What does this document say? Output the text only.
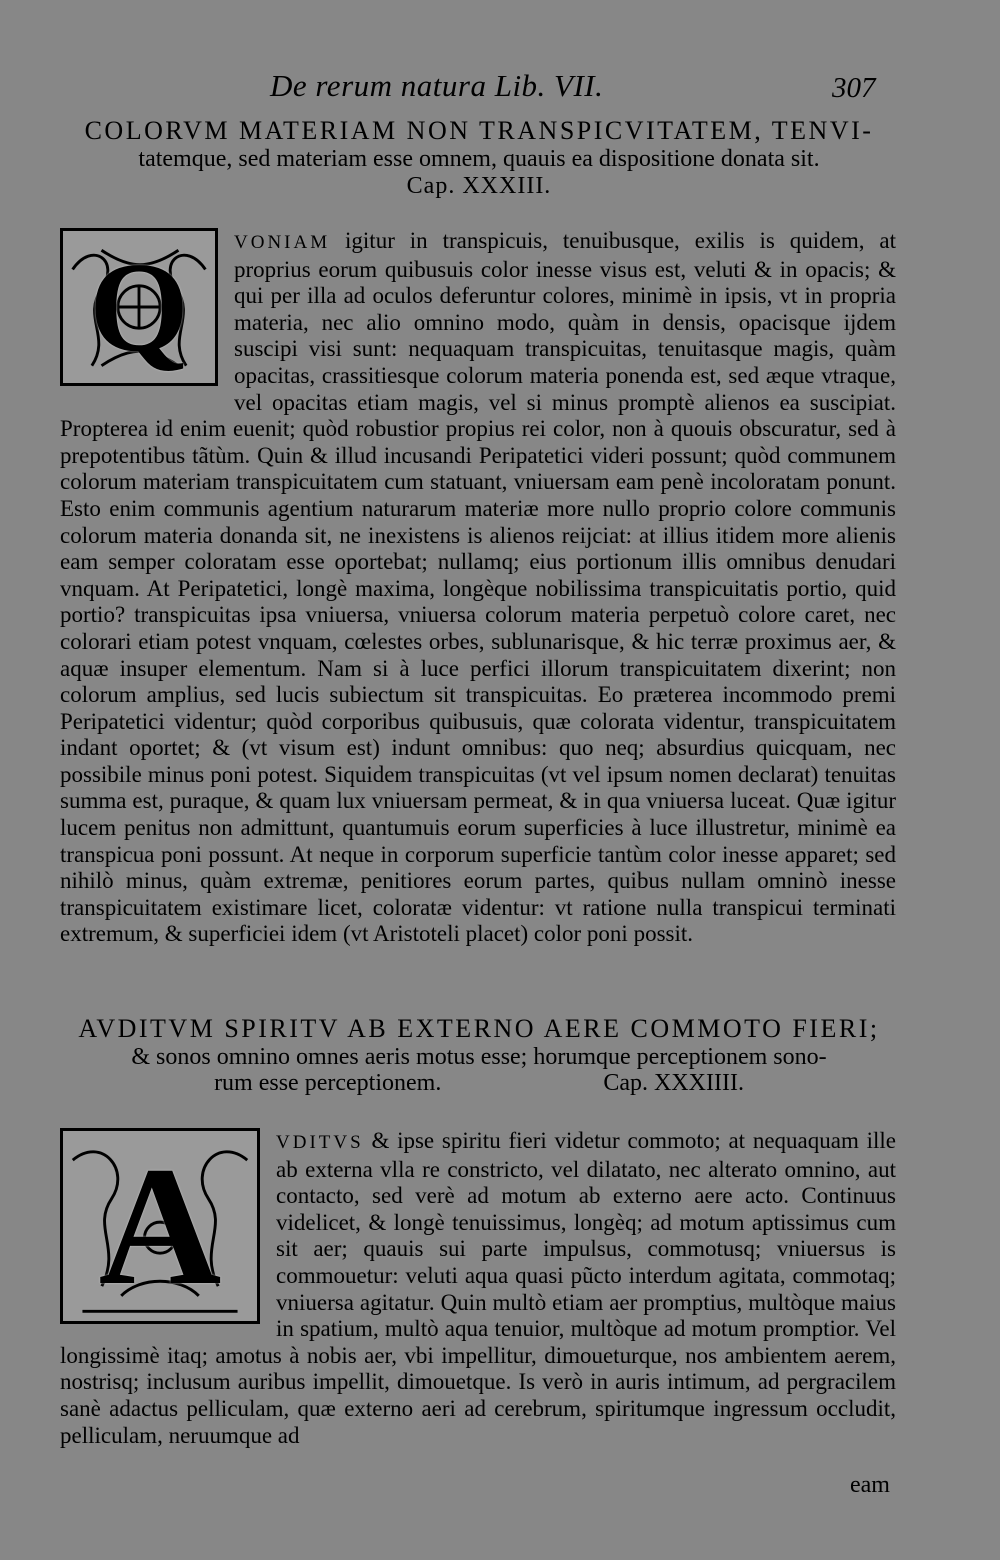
De rerum natura Lib. VII.	307
COLORVM MATERIAM NON TRANSPICVITATEM, TENVI-
tatemque, sed materiam esse omnem, quauis ea dispositione donata sit.
Cap. XXXIII.
Q	VONIAM igitur in transpicuis, tenuibusque, exilis is quidem, at proprius eorum quibusuis color inesse visus est, veluti & in opacis; & qui per illa ad oculos deferuntur colores, minimè in ipsis, vt in propria materia, nec alio omnino modo, quàm in densis, opacisque ijdem suscipi visi sunt: nequaquam transpicuitas, tenuitasque magis, quàm opacitas, crassitiesque colorum materia ponenda est, sed æque vtraque, vel opacitas etiam magis, vel si minus promptè alienos ea suscipiat. Propterea id enim euenit; quòd robustior propius rei color, non à quouis obscuratur, sed à prepotentibus tãtùm. Quin & illud incusandi Peripatetici videri possunt; quòd communem colorum materiam transpicuitatem cum statuant, vniuersam eam penè incoloratam ponunt. Esto enim communis agentium naturarum materiæ more nullo proprio colore communis colorum materia donanda sit, ne inexistens is alienos reijciat: at illius itidem more alienis eam semper coloratam esse oportebat; nullamq; eius portionum illis omnibus denudari vnquam. At Peripatetici, longè maxima, longèque nobilissima transpicuitatis portio, quid portio? transpicuitas ipsa vniuersa, vniuersa colorum materia perpetuò colore caret, nec colorari etiam potest vnquam, cœlestes orbes, sublunarisque, & hic terræ proximus aer, & aquæ insuper elementum. Nam si à luce perfici illorum transpicuitatem dixerint; non colorum amplius, sed lucis subiectum sit transpicuitas. Eo præterea incommodo premi Peripatetici videntur; quòd corporibus quibusuis, quæ colorata videntur, transpicuitatem indant oportet; & (vt visum est) indunt omnibus: quo neq; absurdius quicquam, nec possibile minus poni potest. Siquidem transpicuitas (vt vel ipsum nomen declarat) tenuitas summa est, puraque, & quam lux vniuersam permeat, & in qua vniuersa luceat. Quæ igitur lucem penitus non admittunt, quantumuis eorum superficies à luce illustretur, minimè ea transpicua poni possunt. At neque in corporum superficie tantùm color inesse apparet; sed nihilò minus, quàm extremæ, penitiores eorum partes, quibus nullam omninò inesse transpicuitatem existimare licet, coloratæ videntur: vt ratione nulla transpicui terminati extremum, & superficiei idem (vt Aristoteli placet) color poni possit.
AVDITVM SPIRITV AB EXTERNO AERE COMMOTO FIERI;
& sonos omnino omnes aeris motus esse; horumque perceptionem sono-
rum esse perceptionem.	Cap. XXXIIII.
A	VDITVS & ipse spiritu fieri videtur commoto; at nequaquam ille ab externa vlla re constricto, vel dilatato, nec alterato omnino, aut contacto, sed verè ad motum ab externo aere acto. Continuus videlicet, & longè tenuissimus, longèq; ad motum aptissimus cum sit aer; quauis sui parte impulsus, commotusq; vniuersus is commouetur: veluti aqua quasi pũcto interdum agitata, commotaq; vniuersa agitatur. Quin multò etiam aer promptius, multòque maius in spatium, multò aqua tenuior, multòque ad motum promptior. Vel longissimè itaq; amotus à nobis aer, vbi impellitur, dimoueturque, nos ambientem aerem, nostrisq; inclusum auribus impellit, dimouetque. Is verò in auris intimum, ad pergracilem sanè adactus pelliculam, quæ externo aeri ad cerebrum, spiritumque ingressum occludit, pelliculam, neruumque ad
eam
